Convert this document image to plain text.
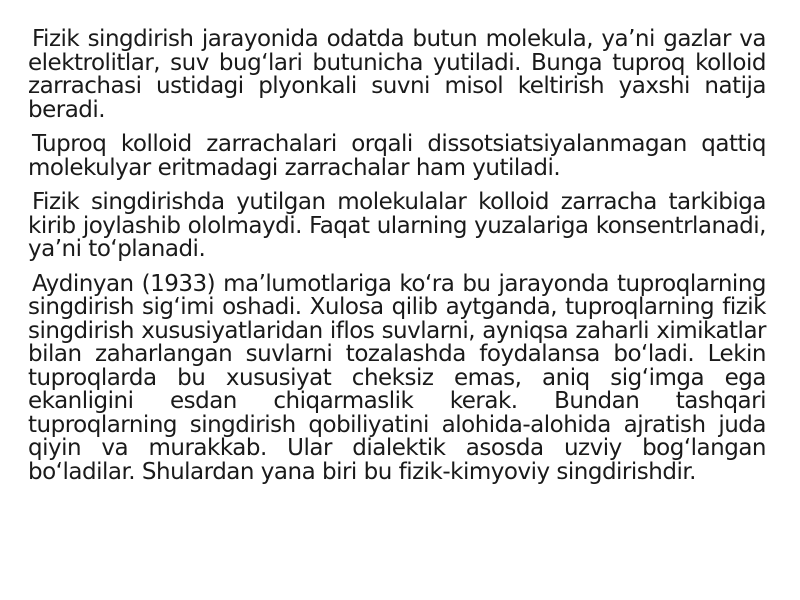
Fizik singdirish jarayonida odatda butun molekula, ya’ni gazlar va elektrolitlar, suv bug‘lari butunicha yutiladi. Bunga tuproq kolloid zarrachasi ustidagi plyonkali suvni misol keltirish yaxshi natija beradi.

Tuproq kolloid zarrachalari orqali dissotsiatsiyalanmagan qattiq molekulyar eritmadagi zarrachalar ham yutiladi.

Fizik singdirishda yutilgan molekulalar kolloid zarracha tarkibiga kirib joylashib ololmaydi. Faqat ularning yuzalariga konsentrlanadi, ya’ni to‘planadi.

Aydinyan (1933) ma’lumotlariga ko‘ra bu jarayonda tuproqlarning singdirish sig‘imi oshadi. Xulosa qilib aytganda, tuproqlarning fizik singdirish xususiyatlaridan iflos suvlarni, ayniqsa zaharli ximikatlar bilan zaharlangan suvlarni tozalashda foydalansa bo‘ladi. Lekin tuproqlarda bu xususiyat cheksiz emas, aniq sig‘imga ega ekanligini esdan chiqarmaslik kerak. Bundan tashqari tuproqlarning singdirish qobiliyatini alohida-alohida ajratish juda qiyin va murakkab. Ular dialektik asosda uzviy bog‘langan bo‘ladilar. Shulardan yana biri bu fizik-kimyoviy singdirishdir.
